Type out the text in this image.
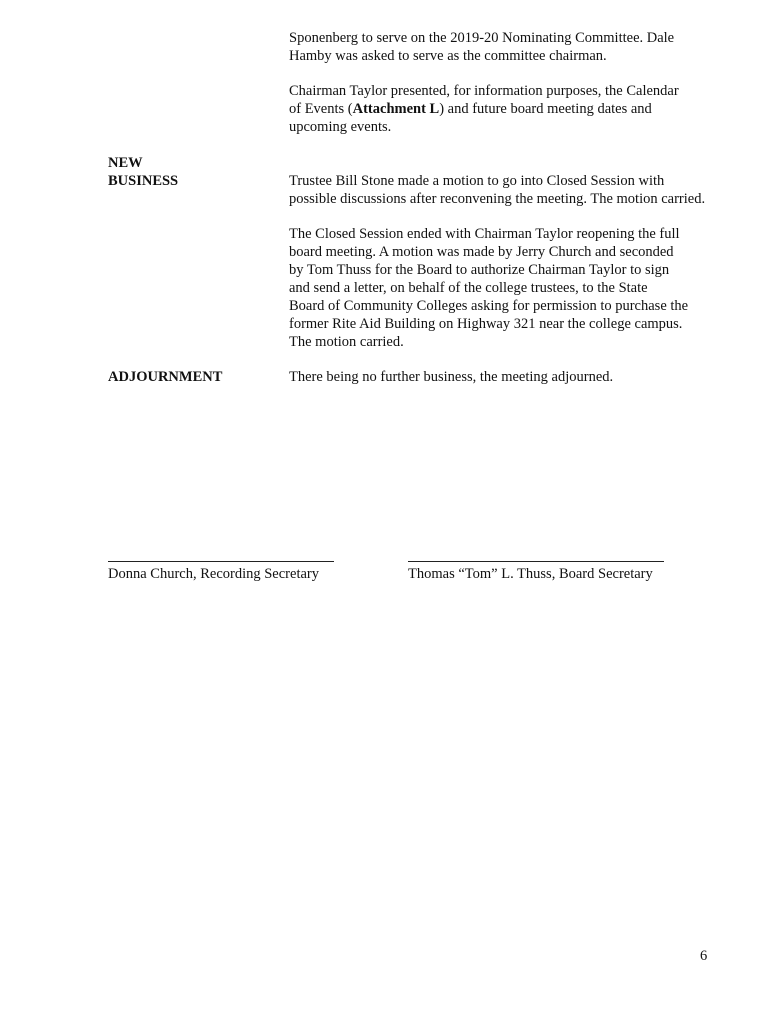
Sponenberg to serve on the 2019-20 Nominating Committee. Dale
Hamby was asked to serve as the committee chairman.

Chairman Taylor presented, for information purposes, the Calendar
of Events (Attachment L) and future board meeting dates and
upcoming events.

NEW
BUSINESS	Trustee Bill Stone made a motion to go into Closed Session with
possible discussions after reconvening the meeting. The motion carried.

The Closed Session ended with Chairman Taylor reopening the full
board meeting. A motion was made by Jerry Church and seconded
by Tom Thuss for the Board to authorize Chairman Taylor to sign
and send a letter, on behalf of the college trustees, to the State
Board of Community Colleges asking for permission to purchase the
former Rite Aid Building on Highway 321 near the college campus.
The motion carried.

ADJOURNMENT	There being no further business, the meeting adjourned.
Donna Church, Recording Secretary	Thomas “Tom” L. Thuss, Board Secretary
6
